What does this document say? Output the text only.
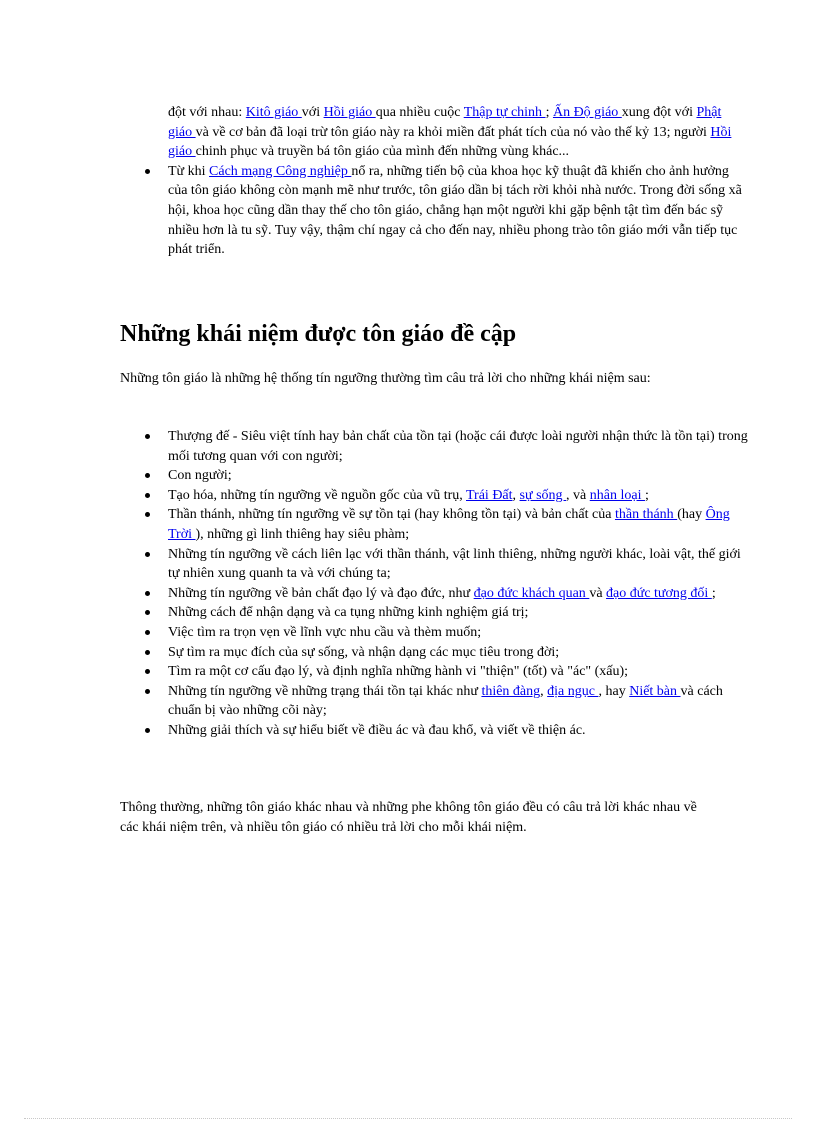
đột với nhau: Kitô giáo với Hồi giáo qua nhiều cuộc Thập tự chinh ; Ấn Độ giáo xung đột với Phật giáo và về cơ bản đã loại trừ tôn giáo này ra khỏi miền đất phát tích của nó vào thế kỷ 13; người Hồi giáo chinh phục và truyền bá tôn giáo của mình đến những vùng khác...
Từ khi Cách mạng Công nghiệp nổ ra, những tiến bộ của khoa học kỹ thuật đã khiến cho ảnh hưởng của tôn giáo không còn mạnh mẽ như trước, tôn giáo dần bị tách rời khỏi nhà nước. Trong đời sống xã hội, khoa học cũng dần thay thế cho tôn giáo, chẳng hạn một người khi gặp bệnh tật tìm đến bác sỹ nhiều hơn là tu sỹ. Tuy vậy, thậm chí ngay cả cho đến nay, nhiều phong trào tôn giáo mới vẫn tiếp tục phát triển.
Những khái niệm được tôn giáo đề cập

Những tôn giáo là những hệ thống tín ngưỡng thường tìm câu trả lời cho những khái niệm sau:

Thượng đế - Siêu việt tính hay bản chất của tồn tại (hoặc cái được loài người nhận thức là tồn tại) trong mối tương quan với con người;
Con người;
Tạo hóa, những tín ngưỡng về nguồn gốc của vũ trụ, Trái Đất, sự sống , và nhân loại ;
Thần thánh, những tín ngưỡng về sự tồn tại (hay không tồn tại) và bản chất của thần thánh (hay Ông Trời ), những gì linh thiêng hay siêu phàm;
Những tín ngưỡng về cách liên lạc với thần thánh, vật linh thiêng, những người khác, loài vật, thế giới tự nhiên xung quanh ta và với chúng ta;
Những tín ngưỡng về bản chất đạo lý và đạo đức, như đạo đức khách quan và đạo đức tương đối ;
Những cách để nhận dạng và ca tụng những kinh nghiệm giá trị;
Việc tìm ra trọn vẹn về lĩnh vực nhu cầu và thèm muốn;
Sự tìm ra mục đích của sự sống, và nhận dạng các mục tiêu trong đời;
Tìm ra một cơ cấu đạo lý, và định nghĩa những hành vi "thiện" (tốt) và "ác" (xấu);
Những tín ngưỡng về những trạng thái tồn tại khác như thiên đàng, địa ngục , hay Niết bàn và cách chuẩn bị vào những cõi này;
Những giải thích và sự hiểu biết về điều ác và đau khổ, và viết về thiện ác.

Thông thường, những tôn giáo khác nhau và những phe không tôn giáo đều có câu trả lời khác nhau về các khái niệm trên, và nhiều tôn giáo có nhiều trả lời cho mỗi khái niệm.
